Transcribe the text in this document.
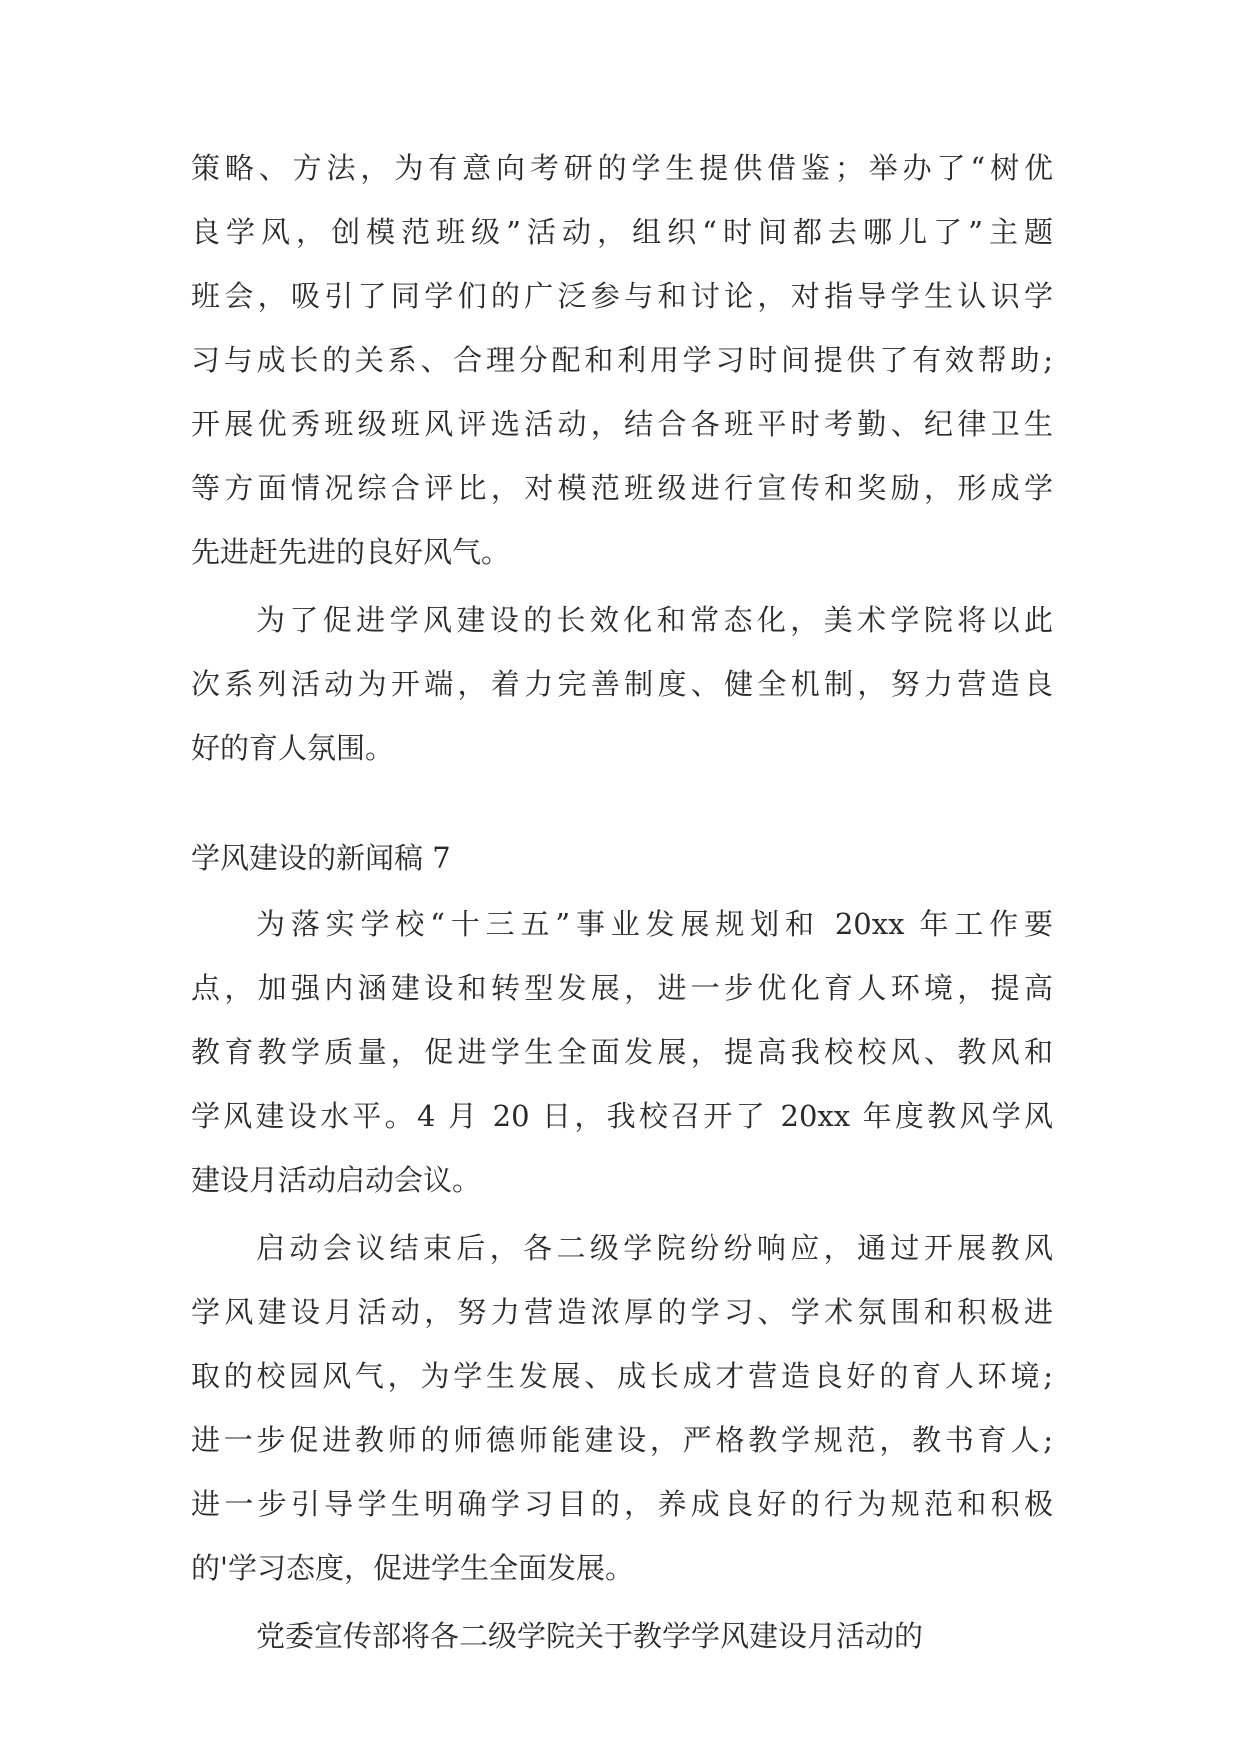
策略、方法，为有意向考研的学生提供借鉴；举办了“树优
良学风，创模范班级”活动，组织“时间都去哪儿了”主题
班会，吸引了同学们的广泛参与和讨论，对指导学生认识学
习与成长的关系、合理分配和利用学习时间提供了有效帮助;
开展优秀班级班风评选活动，结合各班平时考勤、纪律卫生
等方面情况综合评比，对模范班级进行宣传和奖励，形成学
先进赶先进的良好风气。
为了促进学风建设的长效化和常态化，美术学院将以此
次系列活动为开端，着力完善制度、健全机制，努力营造良
好的育人氛围。
学风建设的新闻稿 7
为落实学校“十三五”事业发展规划和 20xx 年工作要
点，加强内涵建设和转型发展，进一步优化育人环境，提高
教育教学质量，促进学生全面发展，提高我校校风、教风和
学风建设水平。4 月 20 日，我校召开了 20xx 年度教风学风
建设月活动启动会议。
启动会议结束后，各二级学院纷纷响应，通过开展教风
学风建设月活动，努力营造浓厚的学习、学术氛围和积极进
取的校园风气，为学生发展、成长成才营造良好的育人环境;
进一步促进教师的师德师能建设，严格教学规范，教书育人;
进一步引导学生明确学习目的，养成良好的行为规范和积极
的'学习态度，促进学生全面发展。
党委宣传部将各二级学院关于教学学风建设月活动的
